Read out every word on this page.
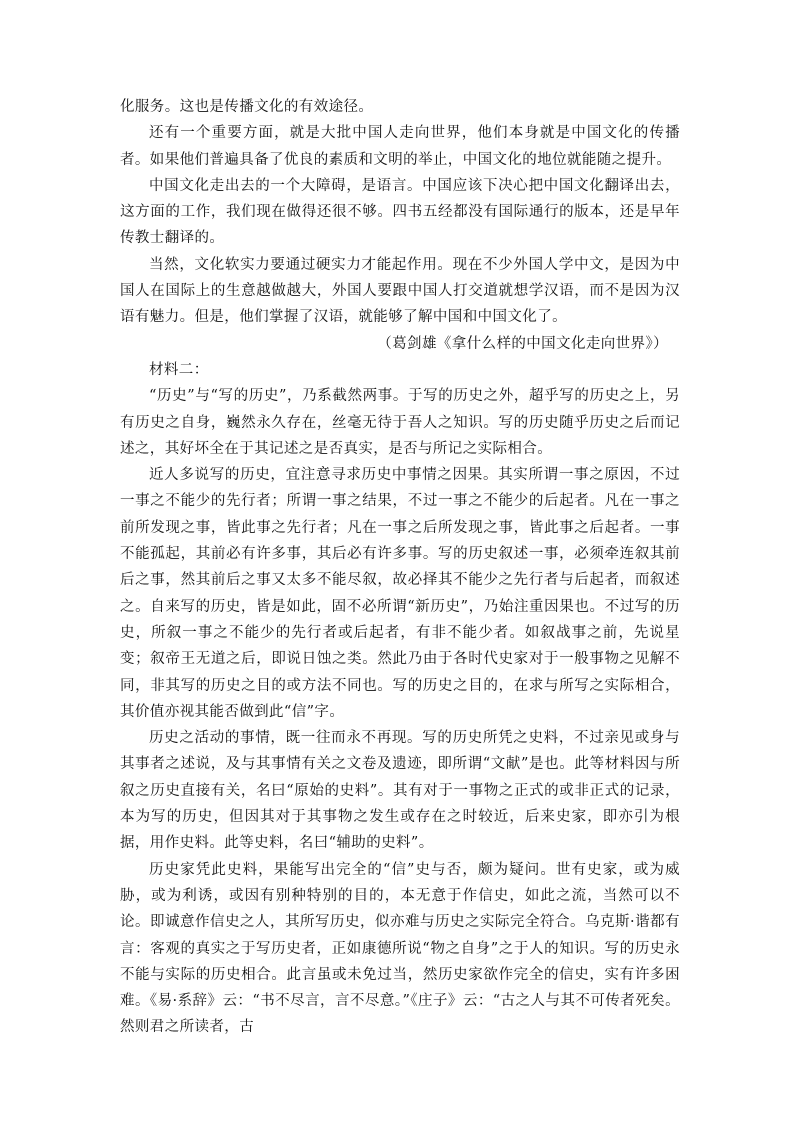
化服务。这也是传播文化的有效途径。

还有一个重要方面，就是大批中国人走向世界，他们本身就是中国文化的传播者。如果他们普遍具备了优良的素质和文明的举止，中国文化的地位就能随之提升。

中国文化走出去的一个大障碍，是语言。中国应该下决心把中国文化翻译出去，这方面的工作，我们现在做得还很不够。四书五经都没有国际通行的版本，还是早年传教士翻译的。

当然，文化软实力要通过硬实力才能起作用。现在不少外国人学中文，是因为中国人在国际上的生意越做越大，外国人要跟中国人打交道就想学汉语，而不是因为汉语有魅力。但是，他们掌握了汉语，就能够了解中国和中国文化了。

（葛剑雄《拿什么样的中国文化走向世界》）

材料二：

“历史”与“写的历史”，乃系截然两事。于写的历史之外，超乎写的历史之上，另有历史之自身，巍然永久存在，丝毫无待于吾人之知识。写的历史随乎历史之后而记述之，其好坏全在于其记述之是否真实，是否与所记之实际相合。

近人多说写的历史，宜注意寻求历史中事情之因果。其实所谓一事之原因，不过一事之不能少的先行者；所谓一事之结果，不过一事之不能少的后起者。凡在一事之前所发现之事，皆此事之先行者；凡在一事之后所发现之事，皆此事之后起者。一事不能孤起，其前必有许多事，其后必有许多事。写的历史叙述一事，必须牵连叙其前后之事，然其前后之事又太多不能尽叙，故必择其不能少之先行者与后起者，而叙述之。自来写的历史，皆是如此，固不必所谓“新历史”，乃始注重因果也。不过写的历史，所叙一事之不能少的先行者或后起者，有非不能少者。如叙战事之前，先说星变；叙帝王无道之后，即说日蚀之类。然此乃由于各时代史家对于一般事物之见解不同，非其写的历史之目的或方法不同也。写的历史之目的，在求与所写之实际相合，其价值亦视其能否做到此“信”字。

历史之活动的事情，既一往而永不再现。写的历史所凭之史料，不过亲见或身与其事者之述说，及与其事情有关之文卷及遗迹，即所谓“文献”是也。此等材料因与所叙之历史直接有关，名曰“原始的史料”。其有对于一事物之正式的或非正式的记录，本为写的历史，但因其对于其事物之发生或存在之时较近，后来史家，即亦引为根据，用作史料。此等史料，名曰“辅助的史料”。

历史家凭此史料，果能写出完全的“信”史与否，颇为疑问。世有史家，或为威胁，或为利诱，或因有别种特别的目的，本无意于作信史，如此之流，当然可以不论。即诚意作信史之人，其所写历史，似亦难与历史之实际完全符合。乌克斯·谐都有言：客观的真实之于写历史者，正如康德所说“物之自身”之于人的知识。写的历史永不能与实际的历史相合。此言虽或未免过当，然历史家欲作完全的信史，实有许多困难。《易·系辞》云：“书不尽言，言不尽意。”《庄子》云：“古之人与其不可传者死矣。然则君之所读者，古
